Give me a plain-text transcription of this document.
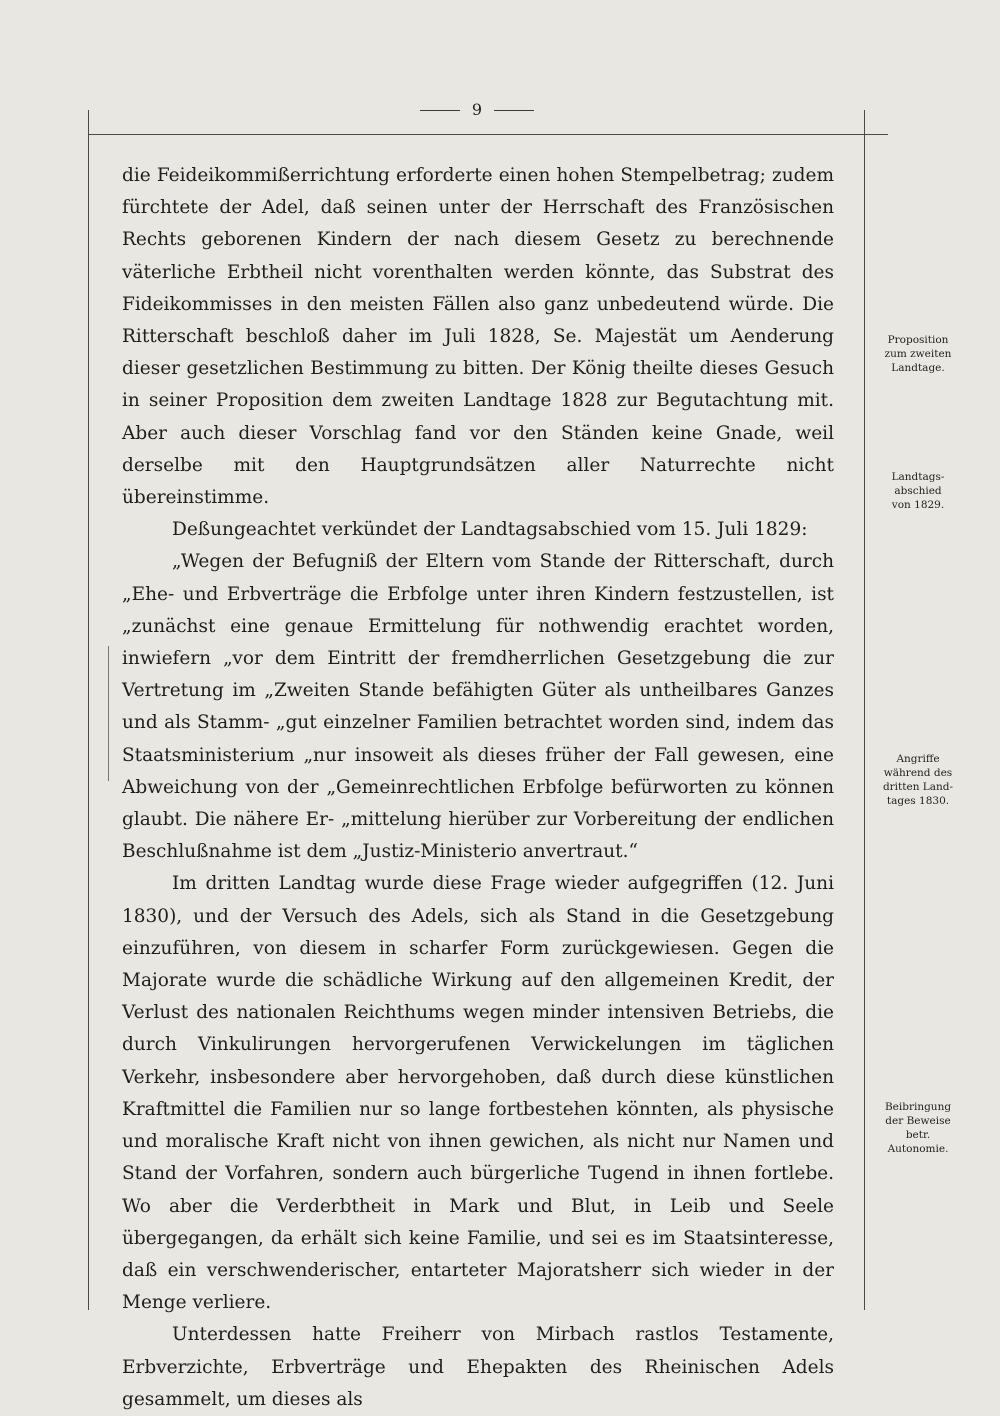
9

die Feideikommißerrichtung erforderte einen hohen Stempelbetrag; zudem fürchtete der Adel, daß seinen unter der Herrschaft des Französischen Rechts geborenen Kindern der nach diesem Gesetz zu berechnende väterliche Erbtheil nicht vorenthalten werden könnte, das Substrat des Fideikommisses in den meisten Fällen also ganz unbedeutend würde. Die Ritterschaft beschloß daher im Juli 1828, Se. Majestät um Aenderung dieser gesetzlichen Bestimmung zu bitten. Der König theilte dieses Gesuch in seiner Proposition dem zweiten Landtage 1828 zur Begutachtung mit. Aber auch dieser Vorschlag fand vor den Ständen keine Gnade, weil derselbe mit den Hauptgrundsätzen aller Naturrechte nicht übereinstimme.

Deßungeachtet verkündet der Landtagsabschied vom 15. Juli 1829:

„Wegen der Befugniß der Eltern vom Stande der Ritterschaft, durch „Ehe- und Erbverträge die Erbfolge unter ihren Kindern festzustellen, ist „zunächst eine genaue Ermittelung für nothwendig erachtet worden, inwiefern „vor dem Eintritt der fremdherrlichen Gesetzgebung die zur Vertretung im „Zweiten Stande befähigten Güter als untheilbares Ganzes und als Stamm- „gut einzelner Familien betrachtet worden sind, indem das Staatsministerium „nur insoweit als dieses früher der Fall gewesen, eine Abweichung von der „Gemeinrechtlichen Erbfolge befürworten zu können glaubt. Die nähere Er- „mittelung hierüber zur Vorbereitung der endlichen Beschlußnahme ist dem „Justiz-Ministerio anvertraut.“

Im dritten Landtag wurde diese Frage wieder aufgegriffen (12. Juni 1830), und der Versuch des Adels, sich als Stand in die Gesetzgebung einzuführen, von diesem in scharfer Form zurückgewiesen. Gegen die Majorate wurde die schädliche Wirkung auf den allgemeinen Kredit, der Verlust des nationalen Reichthums wegen minder intensiven Betriebs, die durch Vinkulirungen hervorgerufenen Verwickelungen im täglichen Verkehr, insbesondere aber hervorgehoben, daß durch diese künstlichen Kraftmittel die Familien nur so lange fortbestehen könnten, als physische und moralische Kraft nicht von ihnen gewichen, als nicht nur Namen und Stand der Vorfahren, sondern auch bürgerliche Tugend in ihnen fortlebe. Wo aber die Verderbtheit in Mark und Blut, in Leib und Seele übergegangen, da erhält sich keine Familie, und sei es im Staatsinteresse, daß ein verschwenderischer, entarteter Majoratsherr sich wieder in der Menge verliere.

Unterdessen hatte Freiherr von Mirbach rastlos Testamente, Erbverzichte, Erbverträge und Ehepakten des Rheinischen Adels gesammelt, um dieses als

Proposition
zum zweiten
Landtage.
Landtags-
abschied
von 1829.
Angriffe
während des
dritten Land-
tages 1830.
Beibringung
der Beweise
betr.
Autonomie.
